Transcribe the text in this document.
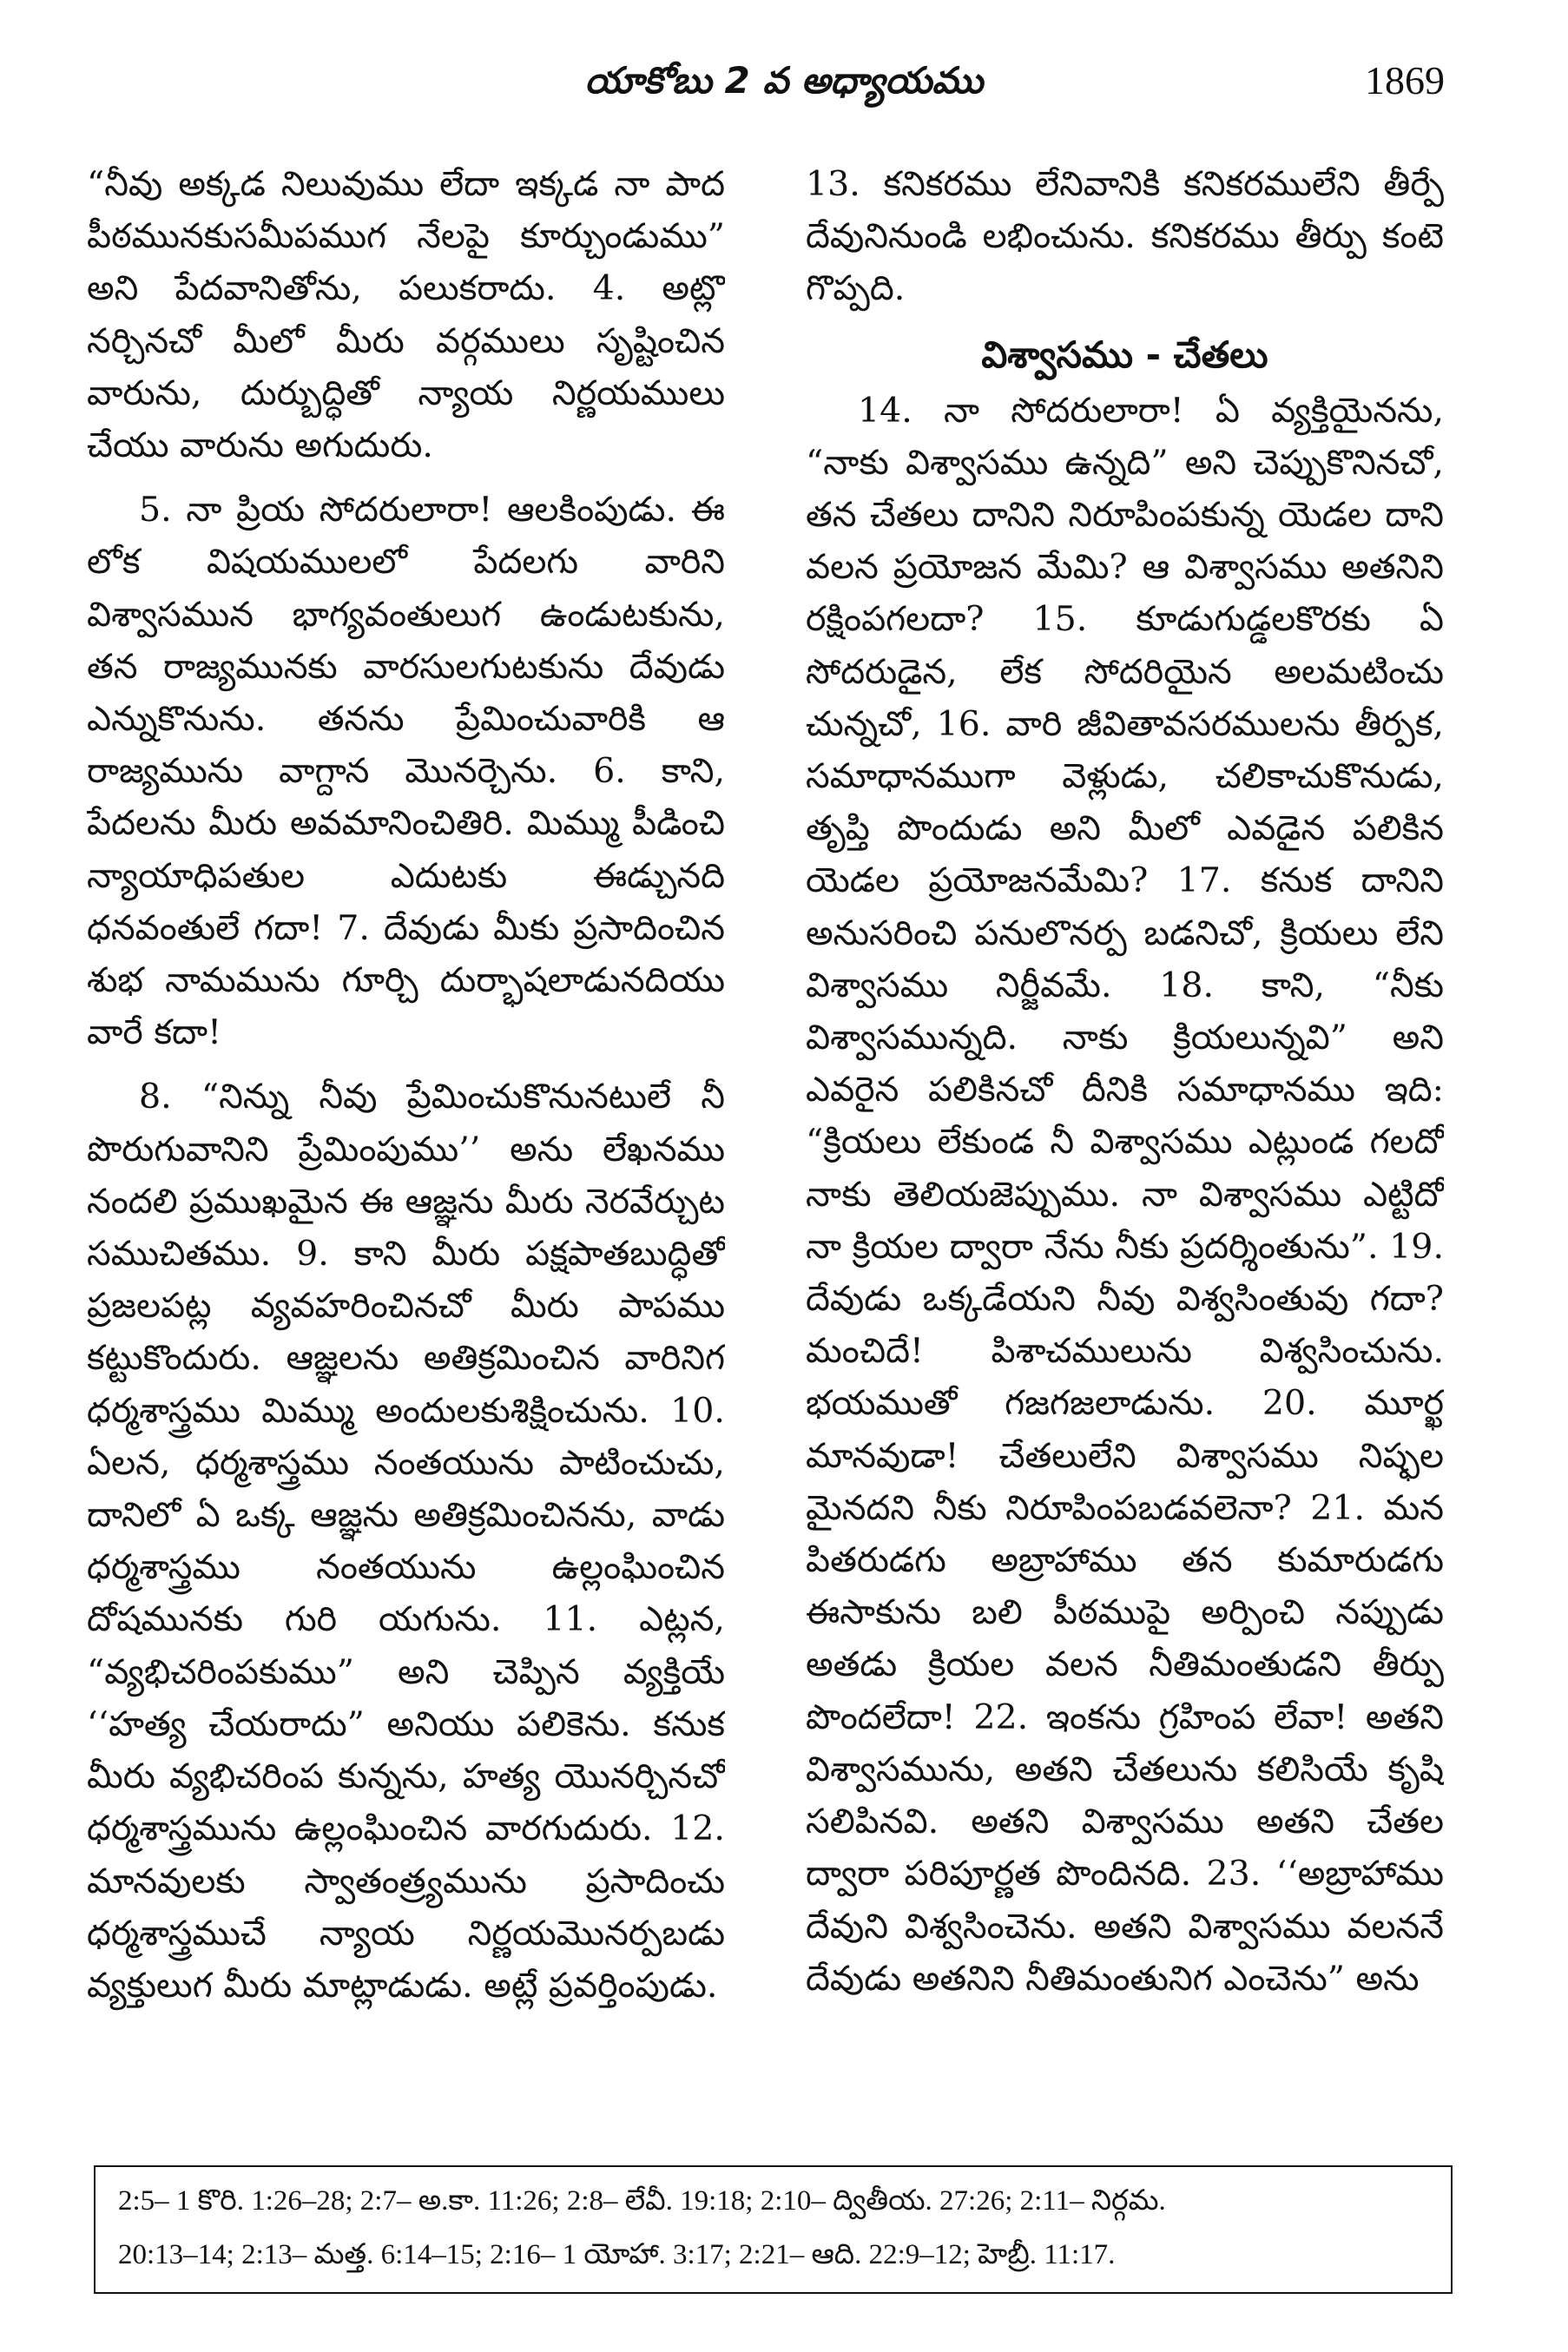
యాకోబు 2 వ అధ్యాయము	1869

“నీవు అక్కడ నిలువుము లేదా ఇక్కడ నా పాద పీఠమునకుసమీపముగ నేలపై కూర్చుండుము” అని పేదవానితోను, పలుకరాదు. 4. అట్లొ నర్చినచో మీలో మీరు వర్గములు సృష్టించిన వారును, దుర్బుద్ధితో న్యాయ నిర్ణయములు చేయు వారును అగుదురు.

5. నా ప్రియ సోదరులారా! ఆలకింపుడు. ఈ లోక విషయములలో పేదలగు వారిని విశ్వాసమున భాగ్యవంతులుగ ఉండుటకును, తన రాజ్యమునకు వారసులగుటకును దేవుడు ఎన్నుకొనును. తనను ప్రేమించువారికి ఆ రాజ్యమును వాగ్దాన మొనర్చెను. 6. కాని, పేదలను మీరు అవమానించితిరి. మిమ్ము పీడించి న్యాయాధిపతుల ఎదుటకు ఈడ్చునది ధనవంతులే గదా! 7. దేవుడు మీకు ప్రసాదించిన శుభ నామమును గూర్చి దుర్భాషలాడునదియు వారే కదా!

8. “నిన్ను నీవు ప్రేమించుకొనునటులే నీ పొరుగువానిని ప్రేమింపుము’’ అను లేఖనము నందలి ప్రముఖమైన ఈ ఆజ్ఞను మీరు నెరవేర్చుట సముచితము. 9. కాని మీరు పక్షపాతబుద్ధితో ప్రజలపట్ల వ్యవహరించినచో మీరు పాపము కట్టుకొందురు. ఆజ్ఞలను అతిక్రమించిన వారినిగ ధర్మశాస్త్రము మిమ్ము అందులకుశిక్షించును. 10. ఏలన, ధర్మశాస్త్రము నంతయును పాటించుచు, దానిలో ఏ ఒక్క ఆజ్ఞను అతిక్రమించినను, వాడు ధర్మశాస్త్రము నంతయును ఉల్లంఘించిన దోషమునకు గురి యగును. 11. ఎట్లన, “వ్యభిచరింపకుము” అని చెప్పిన వ్యక్తియే ‘‘హత్య చేయరాదు” అనియు పలికెను. కనుక మీరు వ్యభిచరింప కున్నను, హత్య యొనర్చినచో ధర్మశాస్త్రమును ఉల్లంఘించిన వారగుదురు. 12. మానవులకు స్వాతంత్ర్యమును ప్రసాదించు ధర్మశాస్త్రముచే న్యాయ నిర్ణయమొనర్పబడు వ్యక్తులుగ మీరు మాట్లాడుడు. అట్లే ప్రవర్తింపుడు.

13. కనికరము లేనివానికి కనికరములేని తీర్పే దేవునినుండి లభించును. కనికరము తీర్పు కంటె గొప్పది.

విశ్వాసము - చేతలు

14. నా సోదరులారా! ఏ వ్యక్తియైనను, “నాకు విశ్వాసము ఉన్నది” అని చెప్పుకొనినచో, తన చేతలు దానిని నిరూపింపకున్న యెడల దాని వలన ప్రయోజన మేమి? ఆ విశ్వాసము అతనిని రక్షింపగలదా? 15. కూడుగుడ్డలకొరకు ఏ సోదరుడైన, లేక సోదరియైన అలమటించు చున్నచో, 16. వారి జీవితావసరములను తీర్పక, సమాధానముగా వెళ్లుడు, చలికాచుకొనుడు, తృప్తి పొందుడు అని మీలో ఎవడైన పలికిన యెడల ప్రయోజనమేమి? 17. కనుక దానిని అనుసరించి పనులొనర్ప బడనిచో, క్రియలు లేని విశ్వాసము నిర్జీవమే. 18. కాని, “నీకు విశ్వాసమున్నది. నాకు క్రియలున్నవి” అని ఎవరైన పలికినచో దీనికి సమాధానము ఇది: “క్రియలు లేకుండ నీ విశ్వాసము ఎట్లుండ గలదో నాకు తెలియజెప్పుము. నా విశ్వాసము ఎట్టిదో నా క్రియల ద్వారా నేను నీకు ప్రదర్శింతును”. 19. దేవుడు ఒక్కడేయని నీవు విశ్వసింతువు గదా? మంచిదే! పిశాచములును విశ్వసించును. భయముతో గజగజలాడును. 20. మూర్ఖ మానవుడా! చేతలులేని విశ్వాసము నిష్ఫల మైనదని నీకు నిరూపింపబడవలెనా? 21. మన పితరుడగు అబ్రాహాము తన కుమారుడగు ఈసాకును బలి పీఠముపై అర్పించి నప్పుడు అతడు క్రియల వలన నీతిమంతుడని తీర్పు పొందలేదా! 22. ఇంకను గ్రహింప లేవా! అతని విశ్వాసమును, అతని చేతలును కలిసియే కృషి సలిపినవి. అతని విశ్వాసము అతని చేతల ద్వారా పరిపూర్ణత పొందినది. 23. ‘‘అబ్రాహాము దేవుని విశ్వసించెను. అతని విశ్వాసము వలననే దేవుడు అతనిని నీతిమంతునిగ ఎంచెను” అను

2:5– 1 కొరి. 1:26–28; 2:7– అ.కా. 11:26; 2:8– లేవీ. 19:18; 2:10– ద్వితీయ. 27:26; 2:11– నిర్గమ.

20:13–14; 2:13– మత్త. 6:14–15; 2:16– 1 యోహా. 3:17; 2:21– ఆది. 22:9–12; హెబ్రీ. 11:17.
